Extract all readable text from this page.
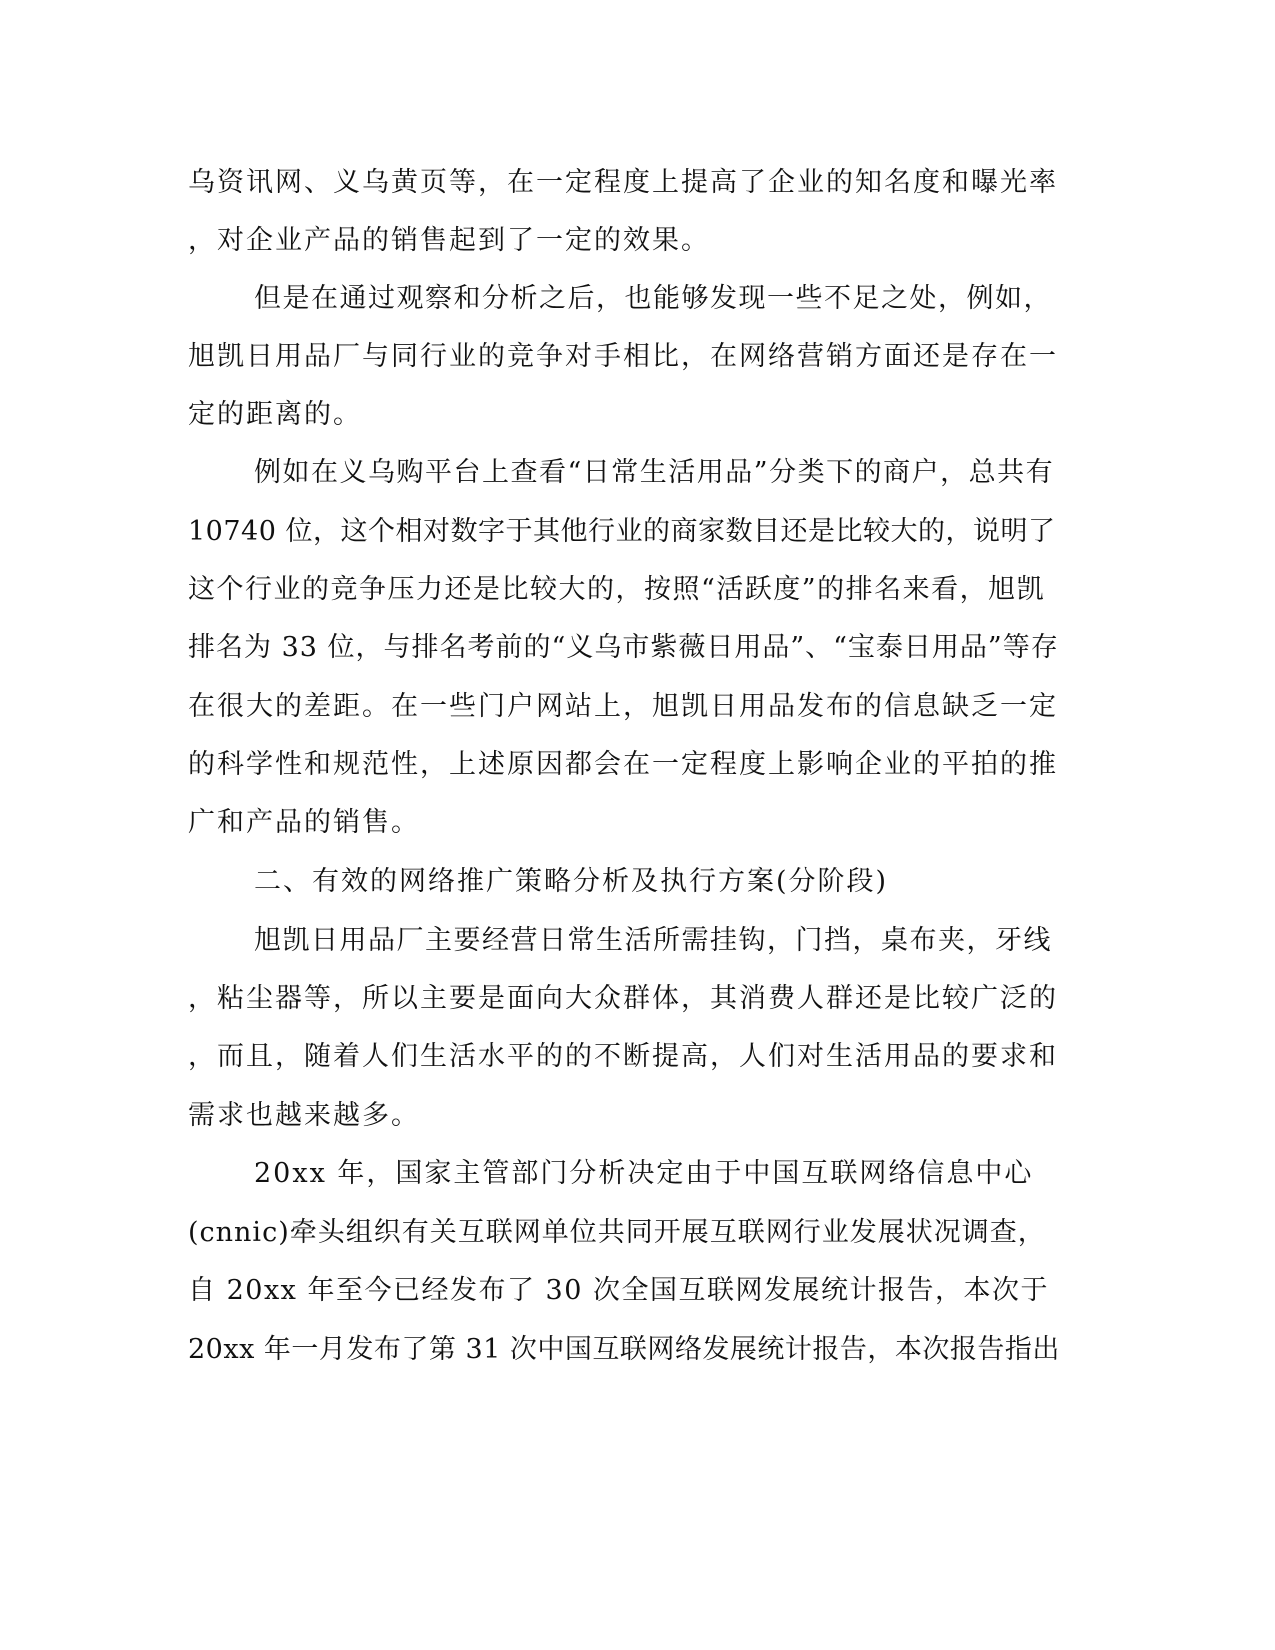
乌资讯网、义乌黄页等，在一定程度上提高了企业的知名度和曝光率
，对企业产品的销售起到了一定的效果。
但是在通过观察和分析之后，也能够发现一些不足之处，例如，
旭凯日用品厂与同行业的竞争对手相比，在网络营销方面还是存在一
定的距离的。
例如在义乌购平台上查看“日常生活用品”分类下的商户，总共有
10740 位，这个相对数字于其他行业的商家数目还是比较大的，说明了
这个行业的竞争压力还是比较大的，按照“活跃度”的排名来看，旭凯
排名为 33 位，与排名考前的“义乌市紫薇日用品”、“宝泰日用品”等存
在很大的差距。在一些门户网站上，旭凯日用品发布的信息缺乏一定
的科学性和规范性，上述原因都会在一定程度上影响企业的平拍的推
广和产品的销售。
二、有效的网络推广策略分析及执行方案(分阶段)
旭凯日用品厂主要经营日常生活所需挂钩，门挡，桌布夹，牙线
，粘尘器等，所以主要是面向大众群体，其消费人群还是比较广泛的
，而且，随着人们生活水平的的不断提高，人们对生活用品的要求和
需求也越来越多。
20xx 年，国家主管部门分析决定由于中国互联网络信息中心
(cnnic)牵头组织有关互联网单位共同开展互联网行业发展状况调查，
自 20xx 年至今已经发布了 30 次全国互联网发展统计报告，本次于
20xx 年一月发布了第 31 次中国互联网络发展统计报告，本次报告指出
